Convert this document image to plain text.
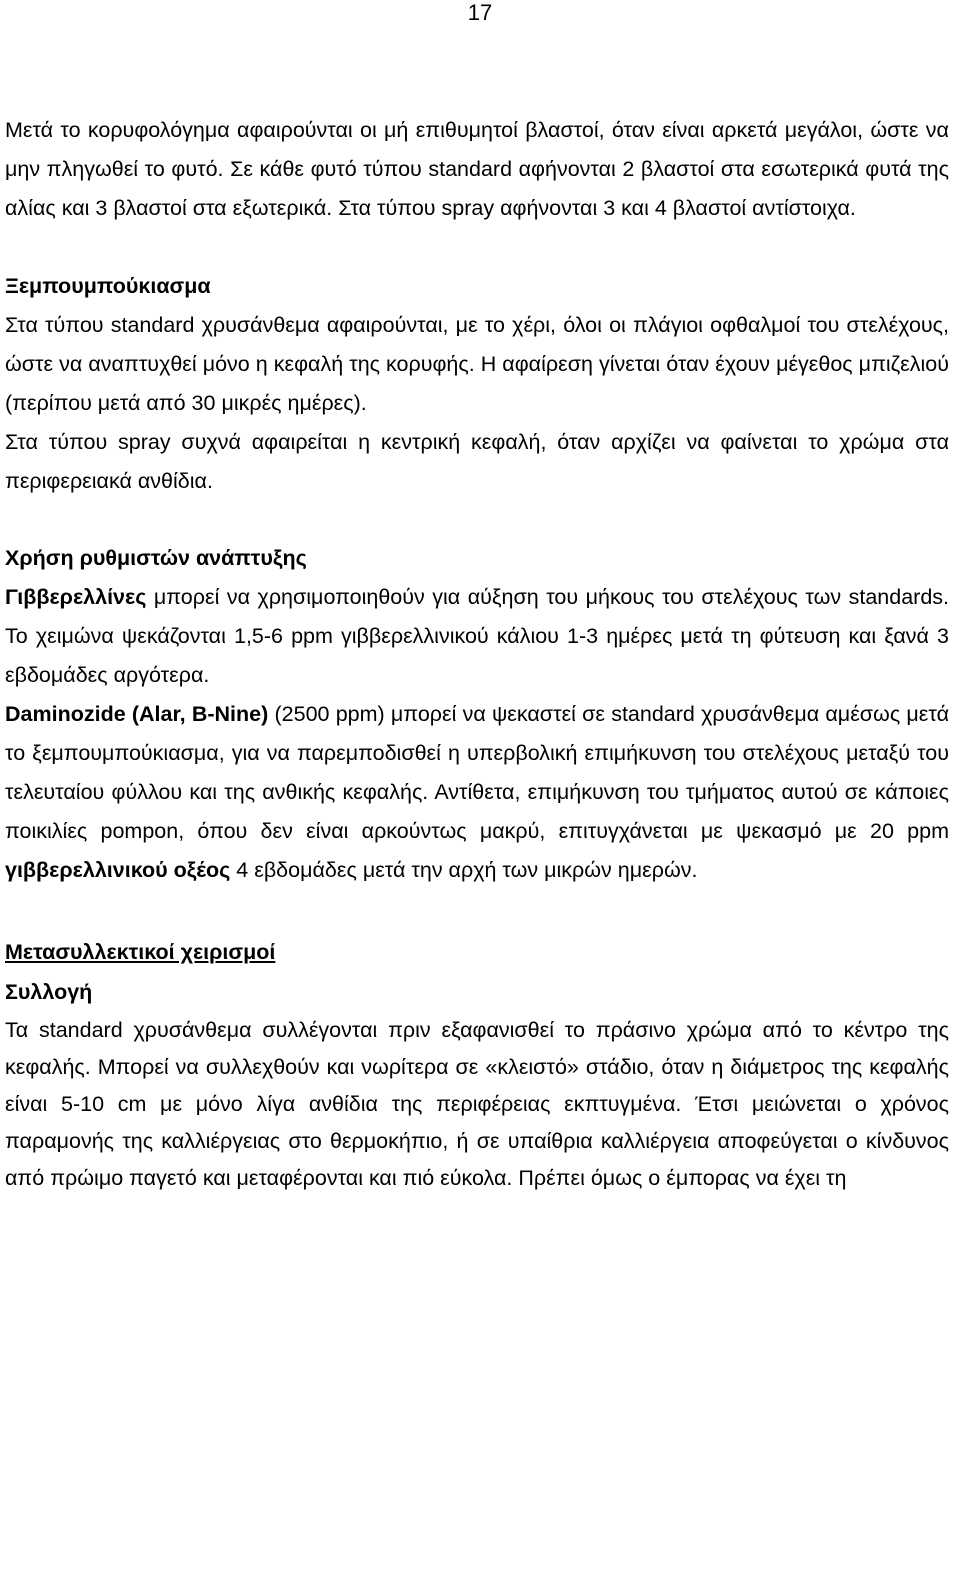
17

Μετά το κορυφολόγημα αφαιρούνται οι μή επιθυμητοί βλαστοί, όταν είναι αρκετά μεγάλοι, ώστε να μην πληγωθεί το φυτό. Σε κάθε φυτό τύπου standard αφήνονται 2 βλαστοί στα εσωτερικά φυτά της αλίας και 3 βλαστοί στα εξωτερικά. Στα τύπου spray αφήνονται 3 και 4 βλαστοί αντίστοιχα.

Ξεμπουμπούκιασμα

Στα τύπου standard χρυσάνθεμα αφαιρούνται, με το χέρι, όλοι οι πλάγιοι οφθαλμοί του στελέχους, ώστε να αναπτυχθεί μόνο η κεφαλή της κορυφής. Η αφαίρεση γίνεται όταν έχουν μέγεθος μπιζελιού (περίπου μετά από 30 μικρές ημέρες).

Στα τύπου spray συχνά αφαιρείται η κεντρική κεφαλή, όταν αρχίζει να φαίνεται το χρώμα στα περιφερειακά ανθίδια.

Χρήση ρυθμιστών ανάπτυξης

Γιββερελλίνες μπορεί να χρησιμοποιηθούν για αύξηση του μήκους του στελέχους των standards. Το χειμώνα ψεκάζονται 1,5-6 ppm γιββερελλινικού κάλιου 1-3 ημέρες μετά τη φύτευση και ξανά 3 εβδομάδες αργότερα.

Daminozide (Alar, B-Nine) (2500 ppm) μπορεί να ψεκαστεί σε standard χρυσάνθεμα αμέσως μετά το ξεμπουμπούκιασμα, για να παρεμποδισθεί η υπερβολική επιμήκυνση του στελέχους μεταξύ του τελευταίου φύλλου και της ανθικής κεφαλής. Αντίθετα, επιμήκυνση του τμήματος αυτού σε κάποιες ποικιλίες pompon, όπου δεν είναι αρκούντως μακρύ, επιτυγχάνεται με ψεκασμό με 20 ppm γιββερελλινικού οξέος 4 εβδομάδες μετά την αρχή των μικρών ημερών.

Μετασυλλεκτικοί χειρισμοί
Συλλογή

Τα standard χρυσάνθεμα συλλέγονται πριν εξαφανισθεί το πράσινο χρώμα από το κέντρο της κεφαλής. Μπορεί να συλλεχθούν και νωρίτερα σε «κλειστό» στάδιο, όταν η διάμετρος της κεφαλής είναι 5-10 cm με μόνο λίγα ανθίδια της περιφέρειας εκπτυγμένα. Έτσι μειώνεται ο χρόνος παραμονής της καλλιέργειας στο θερμοκήπιο, ή σε υπαίθρια καλλιέργεια αποφεύγεται ο κίνδυνος από πρώιμο παγετό και μεταφέρονται και πιό εύκολα. Πρέπει όμως ο έμπορας να έχει τη
